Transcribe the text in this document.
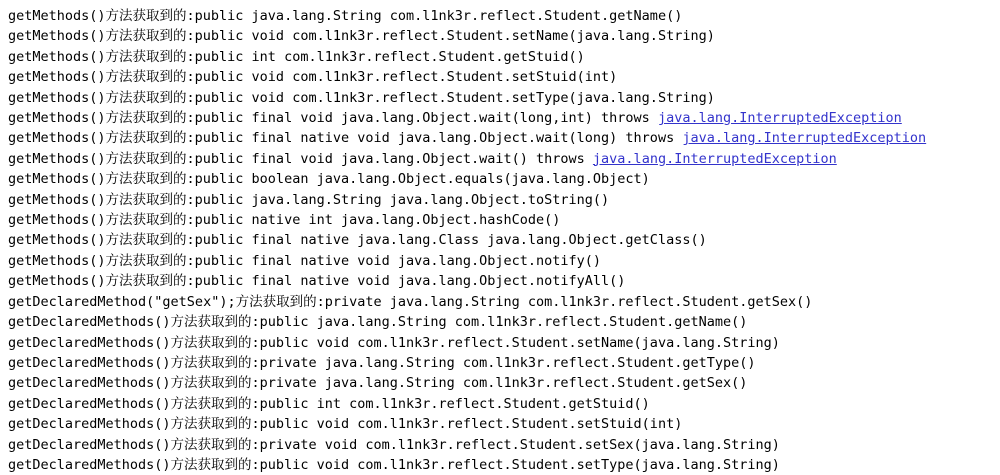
getMethods()方法获取到的:public java.lang.String com.l1nk3r.reflect.Student.getName()
getMethods()方法获取到的:public void com.l1nk3r.reflect.Student.setName(java.lang.String)
getMethods()方法获取到的:public int com.l1nk3r.reflect.Student.getStuid()
getMethods()方法获取到的:public void com.l1nk3r.reflect.Student.setStuid(int)
getMethods()方法获取到的:public void com.l1nk3r.reflect.Student.setType(java.lang.String)
getMethods()方法获取到的:public final void java.lang.Object.wait(long,int) throws java.lang.InterruptedException
getMethods()方法获取到的:public final native void java.lang.Object.wait(long) throws java.lang.InterruptedException
getMethods()方法获取到的:public final void java.lang.Object.wait() throws java.lang.InterruptedException
getMethods()方法获取到的:public boolean java.lang.Object.equals(java.lang.Object)
getMethods()方法获取到的:public java.lang.String java.lang.Object.toString()
getMethods()方法获取到的:public native int java.lang.Object.hashCode()
getMethods()方法获取到的:public final native java.lang.Class java.lang.Object.getClass()
getMethods()方法获取到的:public final native void java.lang.Object.notify()
getMethods()方法获取到的:public final native void java.lang.Object.notifyAll()
getDeclaredMethod("getSex");方法获取到的:private java.lang.String com.l1nk3r.reflect.Student.getSex()
getDeclaredMethods()方法获取到的:public java.lang.String com.l1nk3r.reflect.Student.getName()
getDeclaredMethods()方法获取到的:public void com.l1nk3r.reflect.Student.setName(java.lang.String)
getDeclaredMethods()方法获取到的:private java.lang.String com.l1nk3r.reflect.Student.getType()
getDeclaredMethods()方法获取到的:private java.lang.String com.l1nk3r.reflect.Student.getSex()
getDeclaredMethods()方法获取到的:public int com.l1nk3r.reflect.Student.getStuid()
getDeclaredMethods()方法获取到的:public void com.l1nk3r.reflect.Student.setStuid(int)
getDeclaredMethods()方法获取到的:private void com.l1nk3r.reflect.Student.setSex(java.lang.String)
getDeclaredMethods()方法获取到的:public void com.l1nk3r.reflect.Student.setType(java.lang.String)
